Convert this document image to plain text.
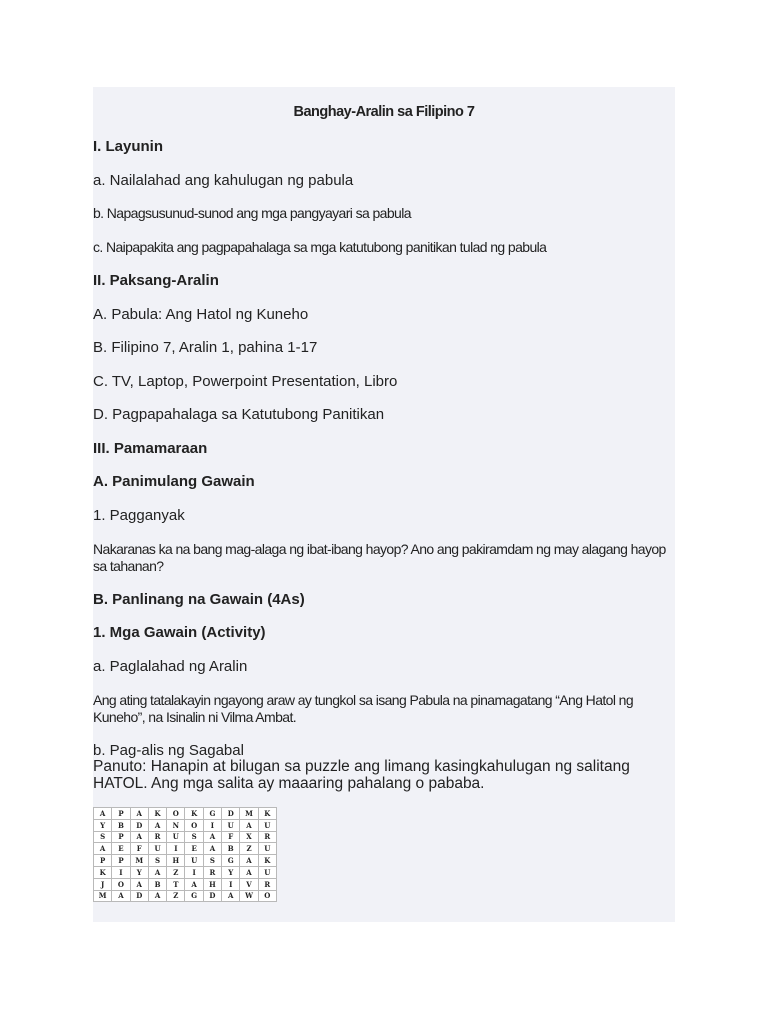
Banghay-Aralin sa Filipino 7
I. Layunin
a. Nailalahad ang kahulugan ng pabula
b. Napagsusunud-sunod ang mga pangyayari sa pabula
c. Naipapakita ang pagpapahalaga sa mga katutubong panitikan tulad ng pabula
II. Paksang-Aralin
A. Pabula: Ang Hatol ng Kuneho
B. Filipino 7, Aralin 1, pahina 1-17
C. TV, Laptop, Powerpoint Presentation, Libro
D. Pagpapahalaga sa Katutubong Panitikan
III. Pamamaraan
A. Panimulang Gawain
1. Pagganyak
Nakaranas ka na bang mag-alaga ng ibat-ibang hayop? Ano ang pakiramdam ng may alagang hayop sa tahanan?
B. Panlinang na Gawain (4As)
1. Mga Gawain (Activity)
a. Paglalahad ng Aralin
Ang ating tatalakayin ngayong araw ay tungkol sa isang Pabula na pinamagatang “Ang Hatol ng Kuneho”, na Isinalin ni Vilma Ambat.
b. Pag-alis ng Sagabal
Panuto: Hanapin at bilugan sa puzzle ang limang kasingkahulugan ng salitang HATOL. Ang mga salita ay maaaring pahalang o pababa.
A	P	A	K	O	K	G	D	M	K
Y	B	D	A	N	O	I	U	A	U
S	P	A	R	U	S	A	F	X	R
A	E	F	U	I	E	A	B	Z	U
P	P	M	S	H	U	S	G	A	K
K	I	Y	A	Z	I	R	Y	A	U
J	O	A	B	T	A	H	I	V	R
M	A	D	A	Z	G	D	A	W	O
